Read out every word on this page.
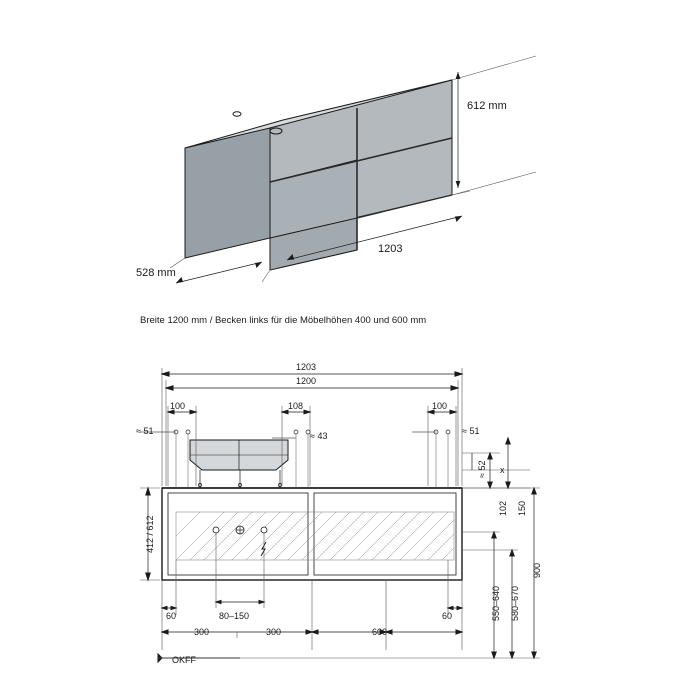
612 mm
1203
528 mm
Breite 1200 mm / Becken links für die Möbelhöhen 400 und 600 mm
1203
1200
100	108	100
≈ 51	≈ 43	≈ 51
≈ 52 x
102 150
412 / 612
60	80–150	60
300	300	600
550–640 580–670
900
OKFF
